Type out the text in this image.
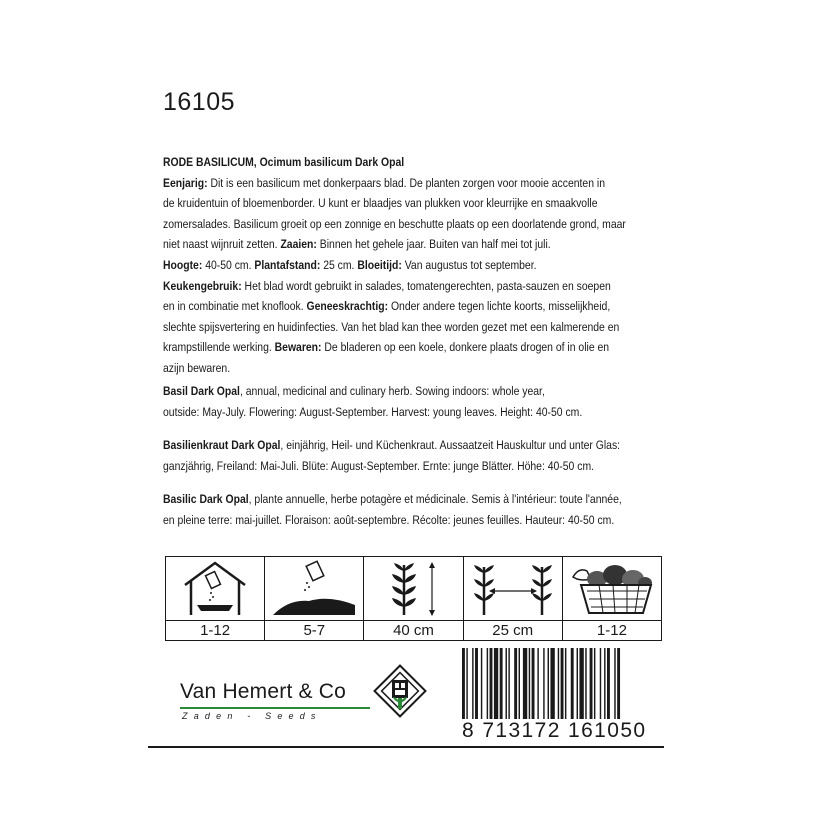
16105
RODE BASILICUM, Ocimum basilicum Dark Opal
Eenjarig: Dit is een basilicum met donkerpaars blad. De planten zorgen voor mooie accenten in
de kruidentuin of bloemenborder. U kunt er blaadjes van plukken voor kleurrijke en smaakvolle
zomersalades. Basilicum groeit op een zonnige en beschutte plaats op een doorlatende grond, maar
niet naast wijnruit zetten. Zaaien: Binnen het gehele jaar. Buiten van half mei tot juli.
Hoogte: 40-50 cm. Plantafstand: 25 cm. Bloeitijd: Van augustus tot september.
Keukengebruik: Het blad wordt gebruikt in salades, tomatengerechten, pasta-sauzen en soepen
en in combinatie met knoflook. Geneeskrachtig: Onder andere tegen lichte koorts, misselijkheid,
slechte spijsvertering en huidinfecties. Van het blad kan thee worden gezet met een kalmerende en
krampstillende werking. Bewaren: De bladeren op een koele, donkere plaats drogen of in olie en
azijn bewaren.
Basil Dark Opal, annual, medicinal and culinary herb. Sowing indoors: whole year,
outside: May-July. Flowering: August-September. Harvest: young leaves. Height: 40-50 cm.
Basilienkraut Dark Opal, einjährig, Heil- und Küchenkraut. Aussaatzeit Hauskultur und unter Glas:
ganzjährig, Freiland: Mai-Juli. Blüte: August-September. Ernte: junge Blätter. Höhe: 40-50 cm.
Basilic Dark Opal, plante annuelle, herbe potagère et médicinale. Semis à l'intérieur: toute l'année,
en pleine terre: mai-juillet. Floraison: août-septembre. Récolte: jeunes feuilles. Hauteur: 40-50 cm.
1-12	5-7	40 cm	25 cm	1-12
Van Hemert & Co
Zaden - Seeds
8 713172 161050
